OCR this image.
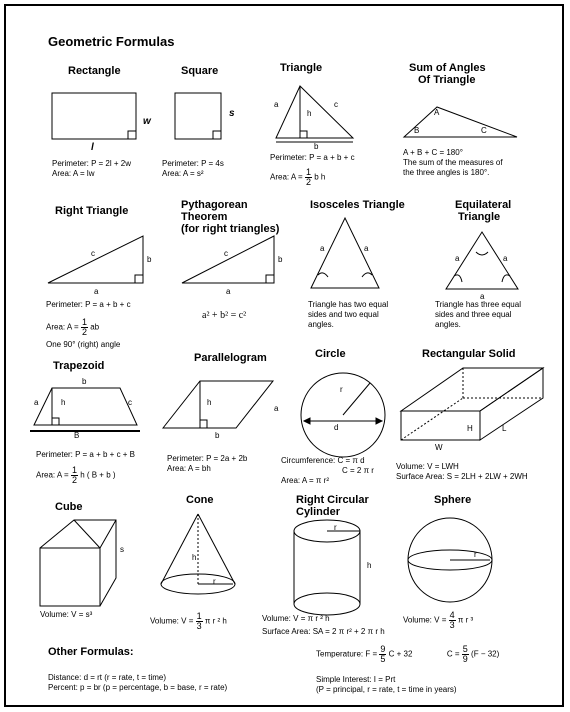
Geometric Formulas
Rectangle
w
l
Perimeter: P = 2l + 2w
Area: A = lw
Square
s
Perimeter: P = 4s
Area: A = s²
Triangle
a	c
h
b
Perimeter: P = a + b + c
Area: $A = \frac{1}{2}$ b h
Sum of Angles
Of Triangle
A
B	C
A + B + C = 180°
The sum of the measures of
the three angles is 180°.
Right Triangle
c
b
a
Perimeter: P = a + b + c
Area: $A = \frac{1}{2}$ ab
One 90° (right) angle
Pythagorean
Theorem
(for right triangles)
c
b
a
a² + b² = c²
Isosceles Triangle
a	a
Triangle has two equal
sides and two equal
angles.
Equilateral
Triangle
a	a
a
Triangle has three equal
sides and three equal
angles.
Trapezoid
b
a	h	c
B
Perimeter: P = a + b + c + B
Area: $A = \frac{1}{2}$ h ( B + b )
Parallelogram
h
a
b
Perimeter: P = 2a + 2b
Area: A = bh
Circle
r
d
Circumference: C = π d
C = 2 π r
Area: A = π r²
Rectangular Solid
H	L
W
Volume: V = LWH
Surface Area: S = 2LH + 2LW + 2WH
Cube
s
Volume: V = s³
Cone
h
r
Volume: $V = \frac{1}{3}$ π r ² h
Right Circular
Cylinder
r
h
Volume: V = π r ² h
Surface Area: SA = 2 π r² + 2 π r h
Sphere
r
Volume: $V = \frac{4}{3}$ π r ³
Other Formulas:
Distance: d = rt (r = rate, t = time)
Percent: p = br (p = percentage, b = base, r = rate)
Temperature: $F = \frac{9}{5}$ C + 32	$C = \frac{5}{9} (F - 32)$
Simple Interest: I = Prt
(P = principal, r = rate, t = time in years)
